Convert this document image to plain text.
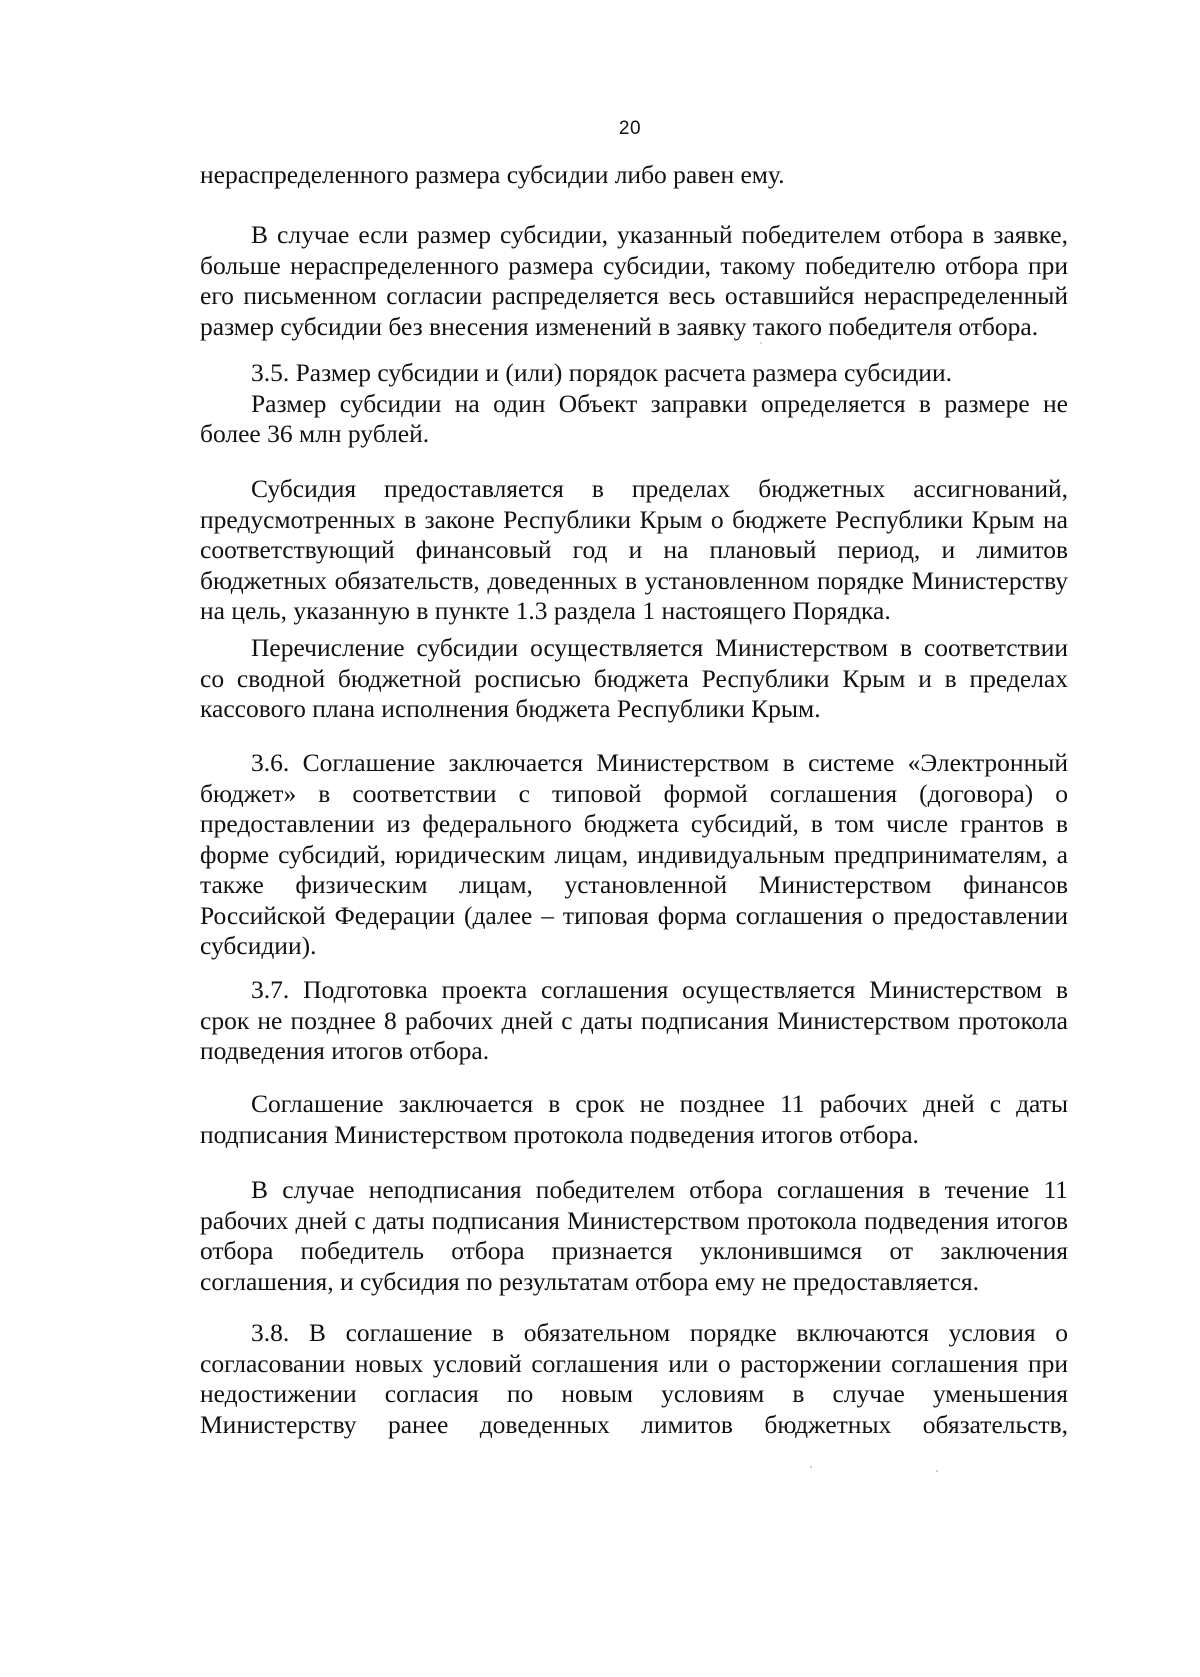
20

нераспределенного размера субсидии либо равен ему.

В случае если размер субсидии, указанный победителем отбора в заявке, больше нераспределенного размера субсидии, такому победителю отбора при его письменном согласии распределяется весь оставшийся нераспределенный размер субсидии без внесения изменений в заявку такого победителя отбора.

3.5. Размер субсидии и (или) порядок расчета размера субсидии.

Размер субсидии на один Объект заправки определяется в размере не более 36 млн рублей.

Субсидия предоставляется в пределах бюджетных ассигнований, предусмотренных в законе Республики Крым о бюджете Республики Крым на соответствующий финансовый год и на плановый период, и лимитов бюджетных обязательств, доведенных в установленном порядке Министерству на цель, указанную в пункте 1.3 раздела 1 настоящего Порядка.

Перечисление субсидии осуществляется Министерством в соответствии со сводной бюджетной росписью бюджета Республики Крым и в пределах кассового плана исполнения бюджета Республики Крым.

3.6. Соглашение заключается Министерством в системе «Электронный бюджет» в соответствии с типовой формой соглашения (договора) о предоставлении из федерального бюджета субсидий, в том числе грантов в форме субсидий, юридическим лицам, индивидуальным предпринимателям, а также физическим лицам, установленной Министерством финансов Российской Федерации (далее – типовая форма соглашения о предоставлении субсидии).

3.7. Подготовка проекта соглашения осуществляется Министерством в срок не позднее 8 рабочих дней с даты подписания Министерством протокола подведения итогов отбора.

Соглашение заключается в срок не позднее 11 рабочих дней с даты подписания Министерством протокола подведения итогов отбора.

В случае неподписания победителем отбора соглашения в течение 11 рабочих дней с даты подписания Министерством протокола подведения итогов отбора победитель отбора признается уклонившимся от заключения соглашения, и субсидия по результатам отбора ему не предоставляется.

3.8. В соглашение в обязательном порядке включаются условия о согласовании новых условий соглашения или о расторжении соглашения при недостижении согласия по новым условиям в случае уменьшения Министерству ранее доведенных лимитов бюджетных обязательств,
